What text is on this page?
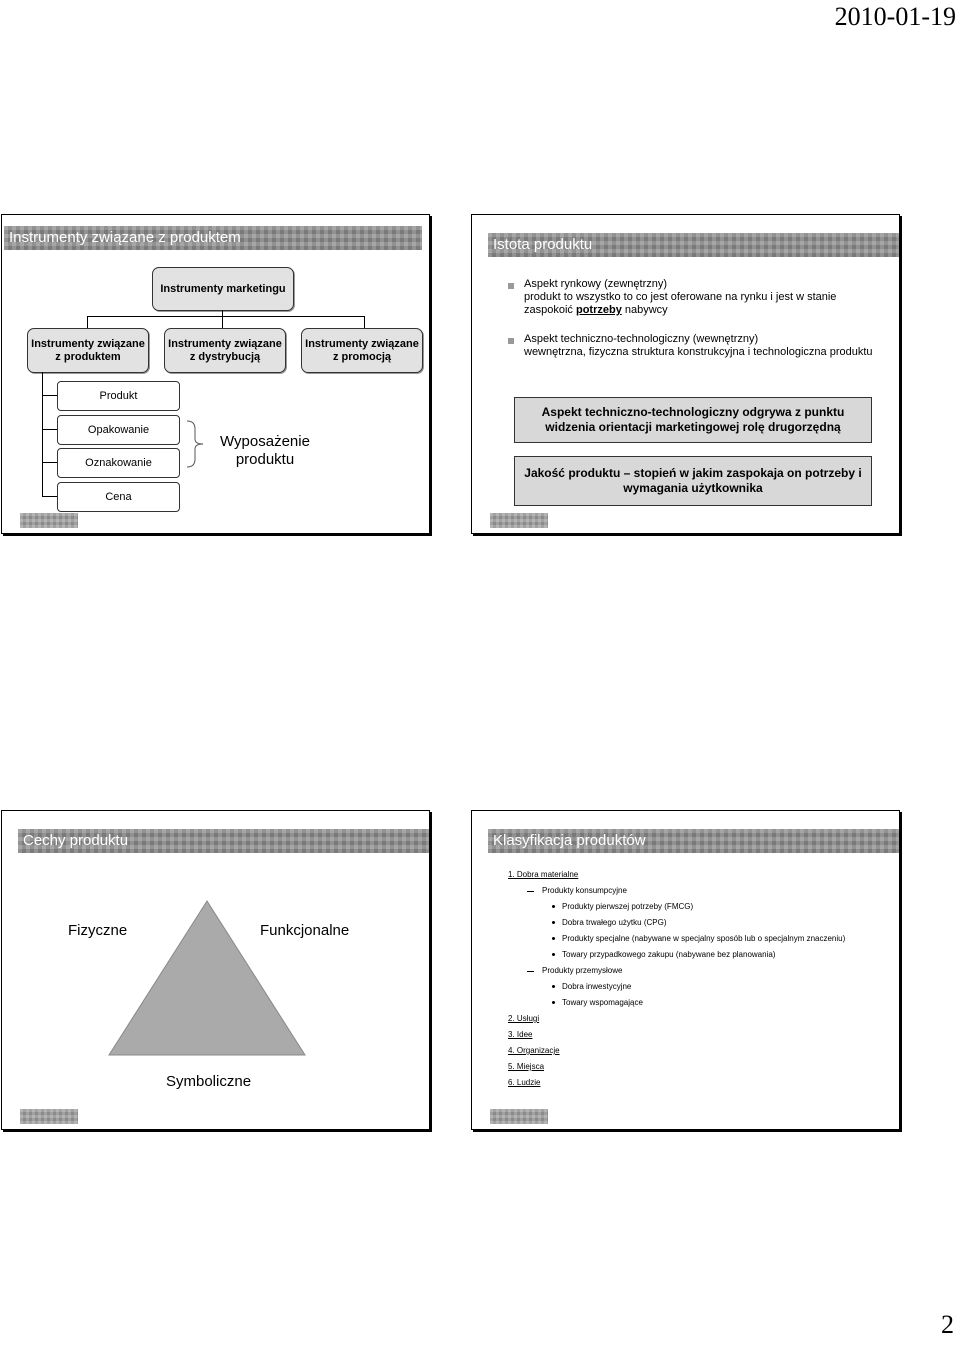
2010-01-19
Instrumenty związane z produktem
Instrumenty marketingu
Instrumenty związane z produktem
Instrumenty związane z dystrybucją
Instrumenty związane z promocją
Produkt
Opakowanie
Oznakowanie
Cena
Wyposażenie produktu
Istota produktu
Aspekt rynkowy (zewnętrzny)
produkt to wszystko to co jest oferowane na rynku i jest w stanie zaspokoić potrzeby nabywcy
Aspekt techniczno-technologiczny (wewnętrzny)
wewnętrzna, fizyczna struktura konstrukcyjna i technologiczna produktu
Aspekt techniczno-technologiczny odgrywa z punktu widzenia orientacji marketingowej rolę drugorzędną
Jakość produktu – stopień w jakim zaspokaja on potrzeby i wymagania użytkownika
Cechy produktu
Fizyczne	Funkcjonalne
Symboliczne
Klasyfikacja produktów
1. Dobra materialne
Produkty konsumpcyjne
Produkty pierwszej potrzeby (FMCG)
Dobra trwałego użytku (CPG)
Produkty specjalne (nabywane w specjalny sposób lub o specjalnym znaczeniu)
Towary przypadkowego zakupu (nabywane bez planowania)
Produkty przemysłowe
Dobra inwestycyjne
Towary wspomagające
2. Usługi
3. Idee
4. Organizacje
5. Miejsca
6. Ludzie
2
